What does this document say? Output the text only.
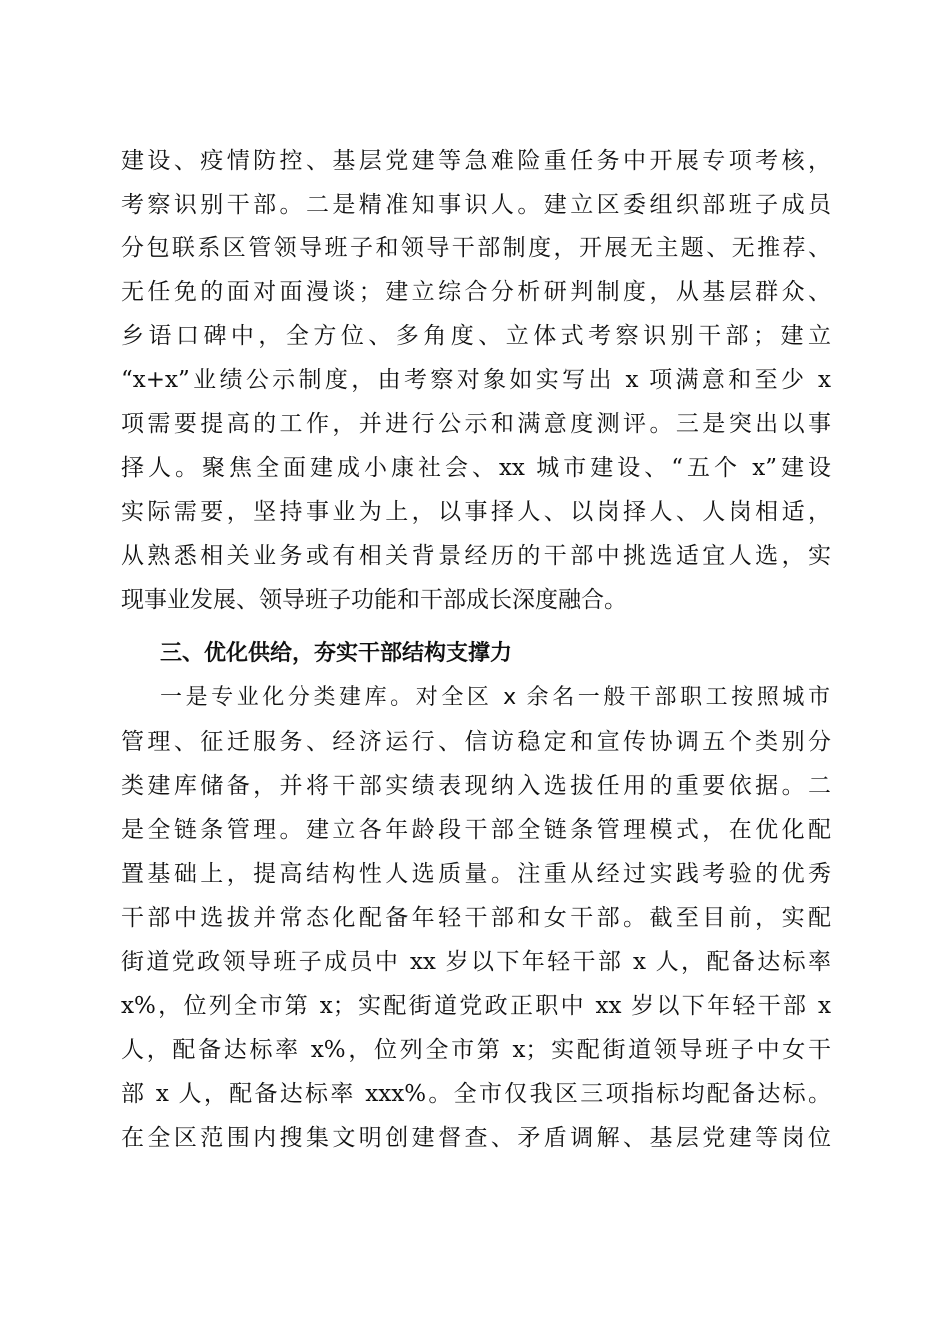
建设、疫情防控、基层党建等急难险重任务中开展专项考核，
考察识别干部。二是精准知事识人。建立区委组织部班子成员
分包联系区管领导班子和领导干部制度，开展无主题、无推荐、
无任免的面对面漫谈；建立综合分析研判制度，从基层群众、
乡语口碑中，全方位、多角度、立体式考察识别干部；建立
“x+x”业绩公示制度，由考察对象如实写出 x 项满意和至少 x
项需要提高的工作，并进行公示和满意度测评。三是突出以事
择人。聚焦全面建成小康社会、xx 城市建设、“五个 x”建设
实际需要，坚持事业为上，以事择人、以岗择人、人岗相适，
从熟悉相关业务或有相关背景经历的干部中挑选适宜人选，实
现事业发展、领导班子功能和干部成长深度融合。
三、优化供给，夯实干部结构支撑力
一是专业化分类建库。对全区 x 余名一般干部职工按照城市
管理、征迁服务、经济运行、信访稳定和宣传协调五个类别分
类建库储备，并将干部实绩表现纳入选拔任用的重要依据。二
是全链条管理。建立各年龄段干部全链条管理模式，在优化配
置基础上，提高结构性人选质量。注重从经过实践考验的优秀
干部中选拔并常态化配备年轻干部和女干部。截至目前，实配
街道党政领导班子成员中 xx 岁以下年轻干部 x 人，配备达标率
x%，位列全市第 x；实配街道党政正职中 xx 岁以下年轻干部 x
人，配备达标率 x%，位列全市第 x；实配街道领导班子中女干
部 x 人，配备达标率 xxx%。全市仅我区三项指标均配备达标。
在全区范围内搜集文明创建督查、矛盾调解、基层党建等岗位
